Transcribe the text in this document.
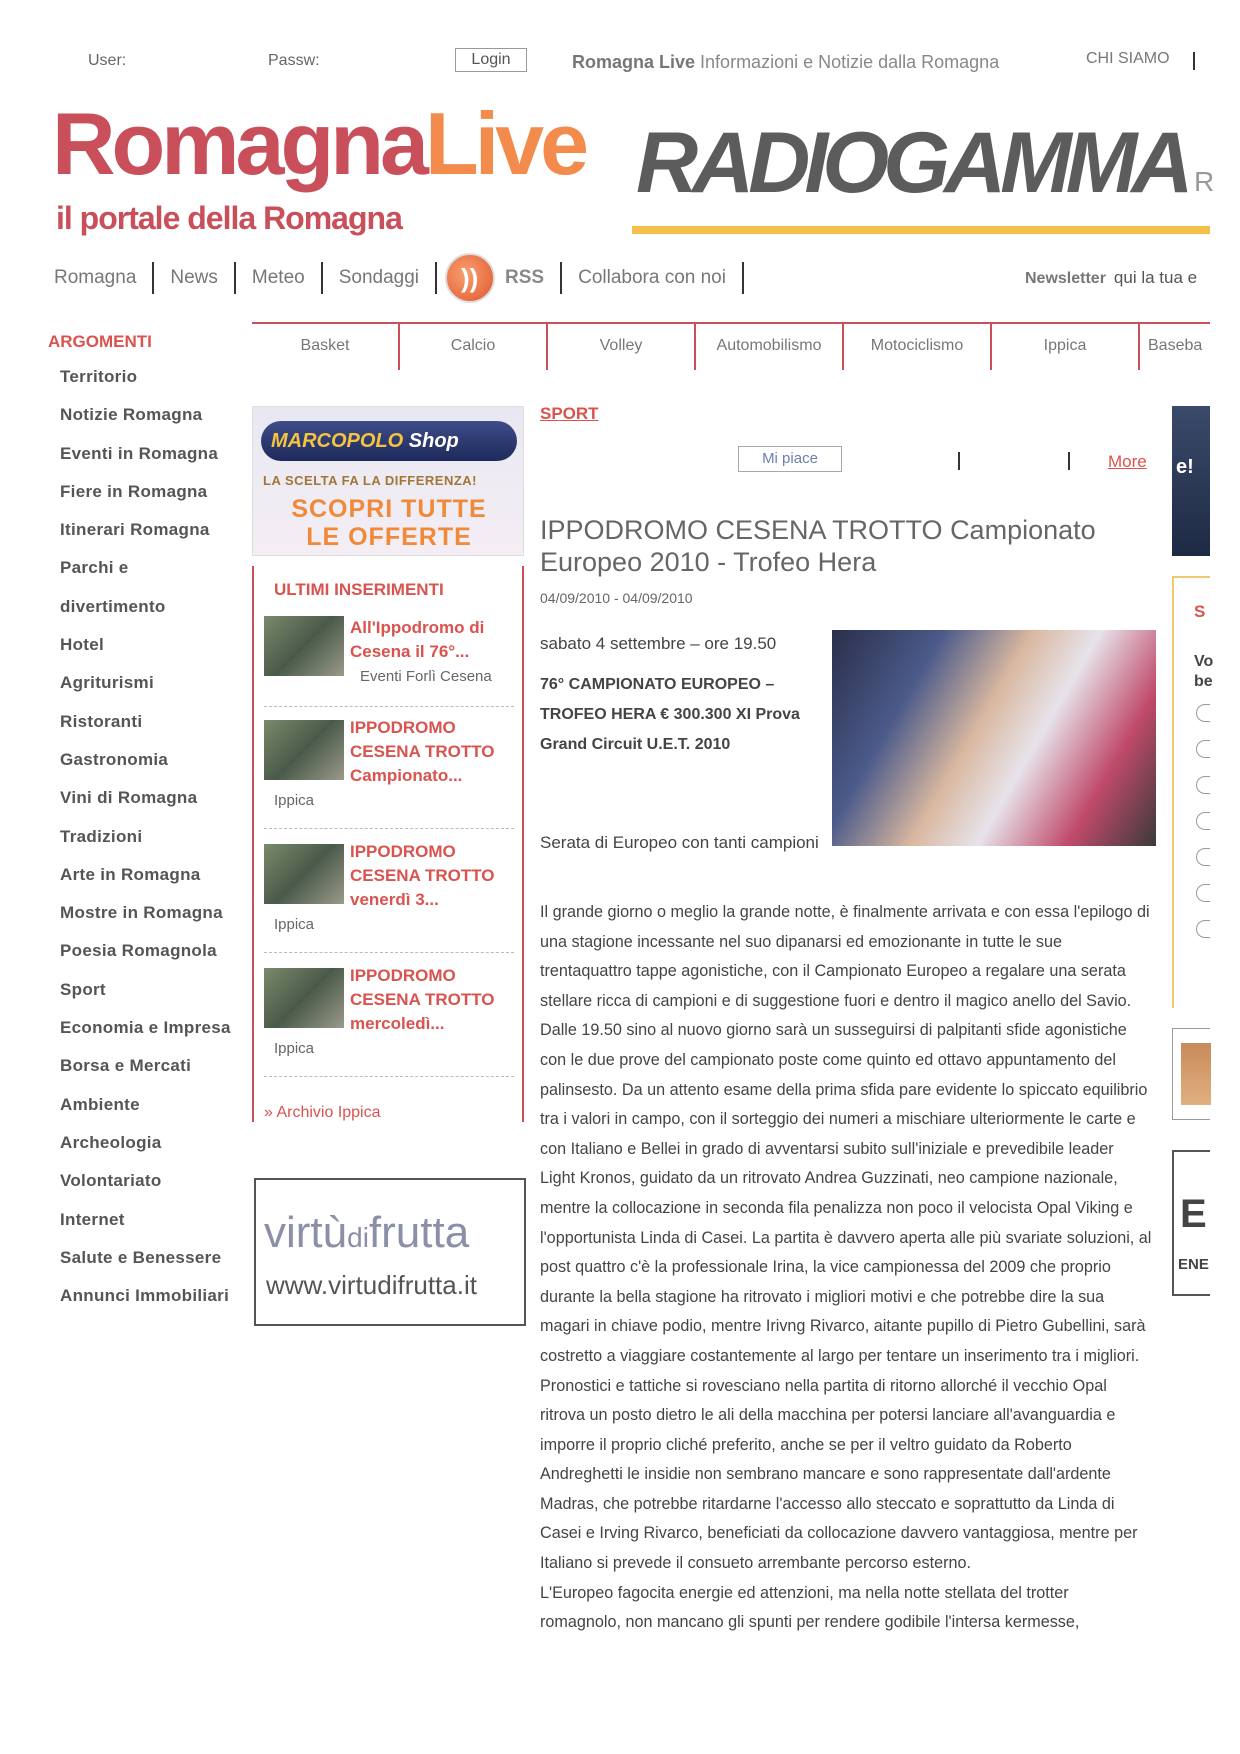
User:	Passw:	Login	Romagna Live Informazioni e Notizie dalla Romagna	CHI SIAMO
RomagnaLive
il portale della Romagna
RADIOGAMMA R
Romagna	News	Meteo	Sondaggi	)) RSS	Collabora con noi	Newsletter qui la tua e
ARGOMENTI
Territorio
Notizie Romagna
Eventi in Romagna
Fiere in Romagna
Itinerari Romagna
Parchi e
divertimento
Hotel
Agriturismi
Ristoranti
Gastronomia
Vini di Romagna
Tradizioni
Arte in Romagna
Mostre in Romagna
Poesia Romagnola
Sport
Economia e Impresa
Borsa e Mercati
Ambiente
Archeologia
Volontariato
Internet
Salute e Benessere
Annunci Immobiliari
Basket	Calcio	Volley	Automobilismo	Motociclismo	Ippica	Baseba
MARCOPOLO Shop
LA SCELTA FA LA DIFFERENZA!
SCOPRI TUTTE
LE OFFERTE
ULTIMI INSERIMENTI
All'Ippodromo di Cesena il 76°...
Eventi Forlì Cesena
IPPODROMO CESENA TROTTO Campionato...
Ippica
IPPODROMO CESENA TROTTO venerdì 3...
Ippica
IPPODROMO CESENA TROTTO mercoledì...
Ippica
» Archivio Ippica
virtùdifrutta
www.virtudifrutta.it
SPORT
Mi piace	More
IPPODROMO CESENA TROTTO Campionato Europeo 2010 - Trofeo Hera
04/09/2010 - 04/09/2010
sabato 4 settembre – ore 19.50
76° CAMPIONATO EUROPEO – TROFEO HERA € 300.300 XI Prova Grand Circuit U.E.T. 2010
Serata di Europeo con tanti campioni

Il grande giorno o meglio la grande notte, è finalmente arrivata e con essa l'epilogo di una stagione incessante nel suo dipanarsi ed emozionante in tutte le sue trentaquattro tappe agonistiche, con il Campionato Europeo a regalare una serata stellare ricca di campioni e di suggestione fuori e dentro il magico anello del Savio.

Dalle 19.50 sino al nuovo giorno sarà un susseguirsi di palpitanti sfide agonistiche con le due prove del campionato poste come quinto ed ottavo appuntamento del palinsesto. Da un attento esame della prima sfida pare evidente lo spiccato equilibrio tra i valori in campo, con il sorteggio dei numeri a mischiare ulteriormente le carte e con Italiano e Bellei in grado di avventarsi subito sull'iniziale e prevedibile leader Light Kronos, guidato da un ritrovato Andrea Guzzinati, neo campione nazionale, mentre la collocazione in seconda fila penalizza non poco il velocista Opal Viking e l'opportunista Linda di Casei. La partita è davvero aperta alle più svariate soluzioni, al post quattro c'è la professionale Irina, la vice campionessa del 2009 che proprio durante la bella stagione ha ritrovato i migliori motivi e che potrebbe dire la sua magari in chiave podio, mentre Irivng Rivarco, aitante pupillo di Pietro Gubellini, sarà costretto a viaggiare costantemente al largo per tentare un inserimento tra i migliori. Pronostici e tattiche si rovesciano nella partita di ritorno allorché il vecchio Opal ritrova un posto dietro le ali della macchina per potersi lanciare all'avanguardia e imporre il proprio cliché preferito, anche se per il veltro guidato da Roberto Andreghetti le insidie non sembrano mancare e sono rappresentate dall'ardente Madras, che potrebbe ritardarne l'accesso allo steccato e soprattutto da Linda di Casei e Irving Rivarco, beneficiati da collocazione davvero vantaggiosa, mentre per Italiano si prevede il consueto arrembante percorso esterno.

L'Europeo fagocita energie ed attenzioni, ma nella notte stellata del trotter romagnolo, non mancano gli spunti per rendere godibile l'intersa kermesse,

e!
S
Vo
be
E
ENE
